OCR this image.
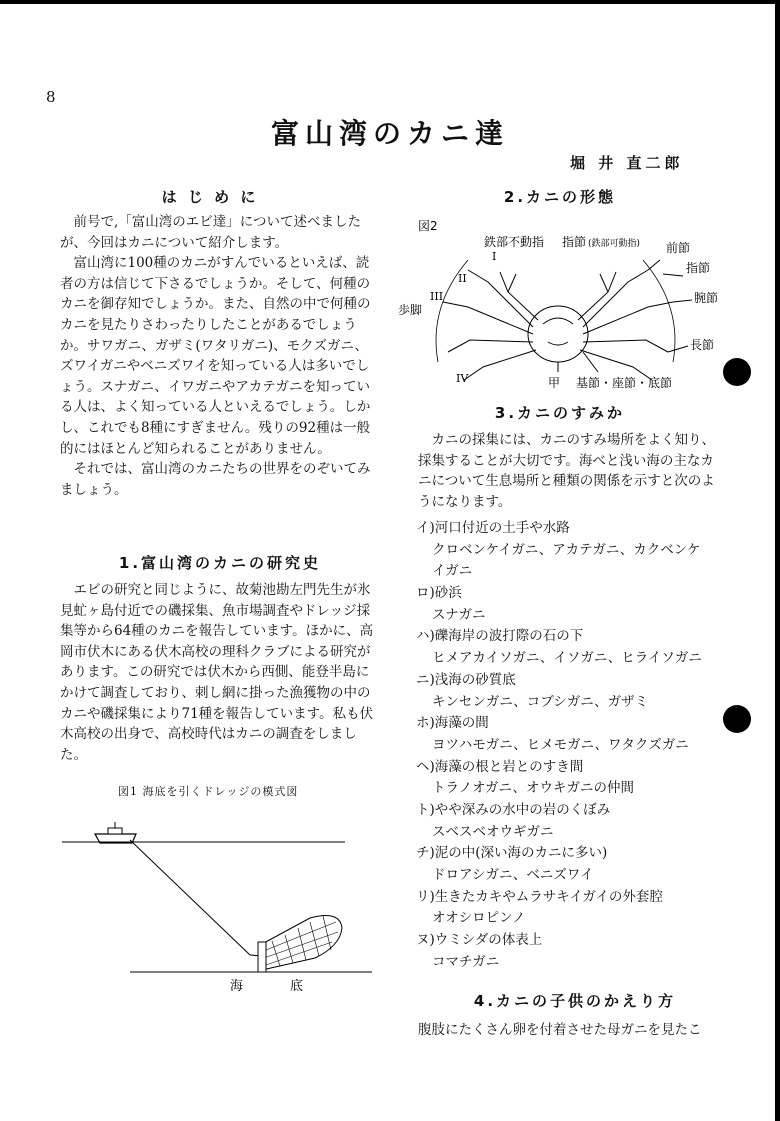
8
富山湾のカニ達
堀 井 直二郎
は じ め に

前号で,「富山湾のエビ達」について述べましたが、今回はカニについて紹介します。

富山湾に100種のカニがすんでいるといえば、読者の方は信じて下さるでしょうか。そして、何種のカニを御存知でしょうか。また、自然の中で何種のカニを見たりさわったりしたことがあるでしょうか。サワガニ、ガザミ(ワタリガニ)、モクズガニ、ズワイガニやベニズワイを知っている人は多いでしょう。スナガニ、イワガニやアカテガニを知っている人は、よく知っている人といえるでしょう。しかし、これでも8種にすぎません。残りの92種は一般的にはほとんど知られることがありません。

それでは、富山湾のカニたちの世界をのぞいてみましょう。

1.富山湾のカニの研究史

エビの研究と同じように、故菊池勘左門先生が氷見虻ヶ島付近での磯採集、魚市場調査やドレッジ採集等から64種のカニを報告しています。ほかに、高岡市伏木にある伏木高校の理科クラブによる研究があります。この研究では伏木から西側、能登半島にかけて調査しており、刺し網に掛った漁獲物の中のカニや磯採集により71種を報告しています。私も伏木高校の出身で、高校時代はカニの調査をしました。

図1 海底を引くドレッジの模式図
海	底
2.カニの形態
図2
鉄部不動指 指節 (鉄部可動指) 前節
指節
腕節
長節
歩脚
甲 基節・座節・底節
I
II
III
IV
3.カニのすみか

カニの採集には、カニのすみ場所をよく知り、採集することが大切です。海べと浅い海の主なカニについて生息場所と種類の関係を示すと次のようになります。

イ)河口付近の土手や水路
クロベンケイガニ、アカテガニ、カクベンケ
イガニ
ロ)砂浜
スナガニ
ハ)礫海岸の波打際の石の下
ヒメアカイソガニ、イソガニ、ヒライソガニ
ニ)浅海の砂質底
キンセンガニ、コブシガニ、ガザミ
ホ)海藻の間
ヨツハモガニ、ヒメモガニ、ワタクズガニ
ヘ)海藻の根と岩とのすき間
トラノオガニ、オウキガニの仲間
ト)やや深みの水中の岩のくぼみ
スベスベオウギガニ
チ)泥の中(深い海のカニに多い)
ドロアシガニ、ベニズワイ
リ)生きたカキやムラサキイガイの外套腔
オオシロピンノ
ヌ)ウミシダの体表上
コマチガニ
4.カニの子供のかえり方

腹肢にたくさん卵を付着させた母ガニを見たこ
